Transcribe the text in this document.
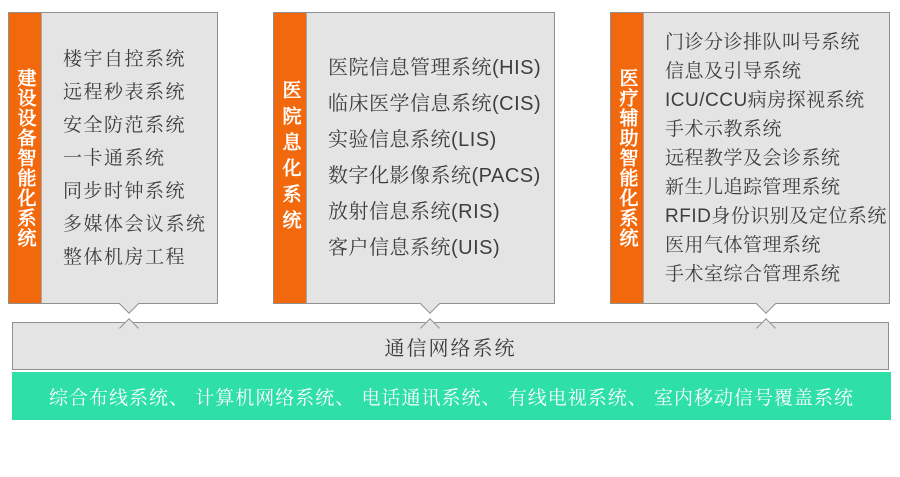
建设设备智能化系统
楼宇自控系统
远程秒表系统
安全防范系统
一卡通系统
同步时钟系统
多媒体会议系统
整体机房工程
医院息化系统
医院信息管理系统(HIS)
临床医学信息系统(CIS)
实验信息系统(LIS)
数字化影像系统(PACS)
放射信息系统(RIS)
客户信息系统(UIS)	医疗辅助智能化系统
门诊分诊排队叫号系统
信息及引导系统
ICU/CCU病房探视系统
手术示教系统
远程教学及会诊系统
新生儿追踪管理系统
RFID身份识别及定位系统
医用气体管理系统
手术室综合管理系统
通信网络系统
综合布线系统、 计算机网络系统、 电话通讯系统、 有线电视系统、 室内移动信号覆盖系统
